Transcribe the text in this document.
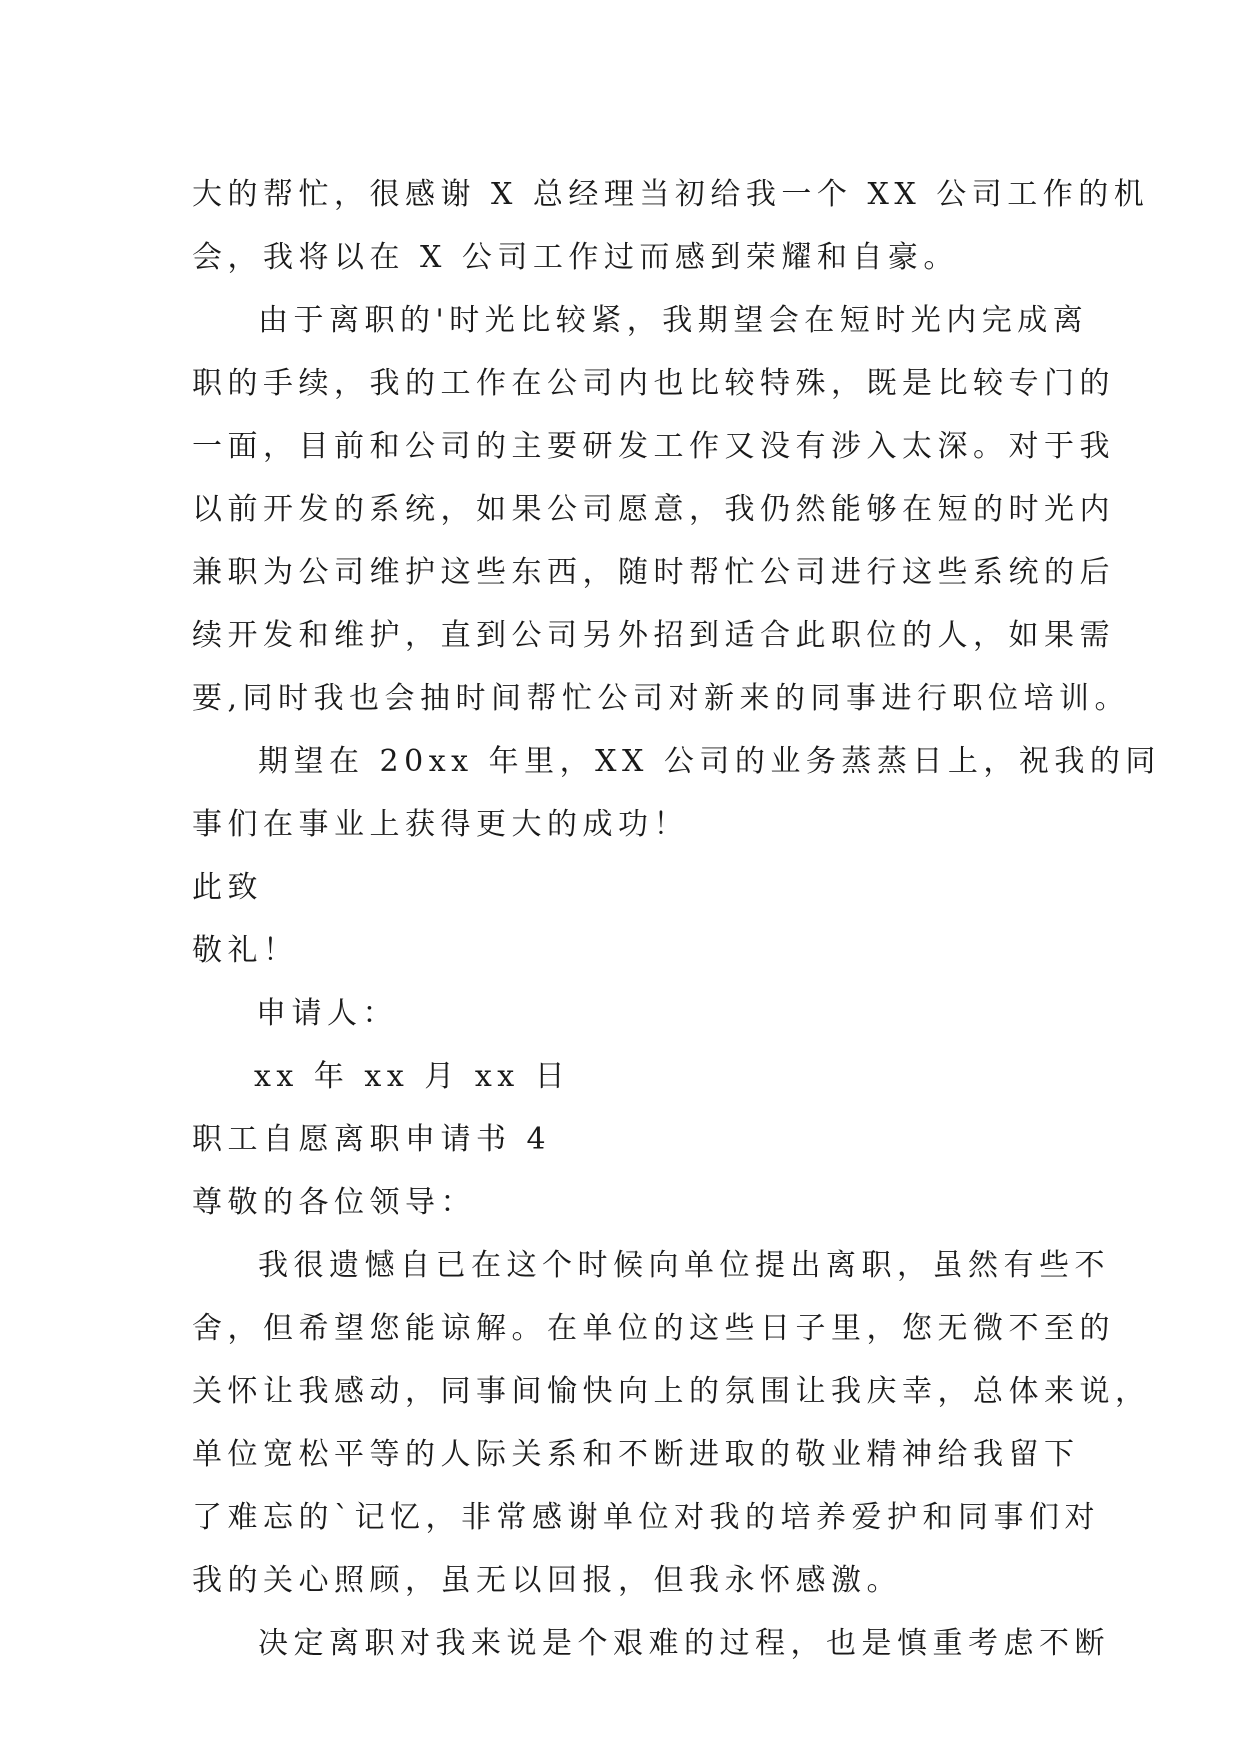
大的帮忙，很感谢 X 总经理当初给我一个 XX 公司工作的机
会，我将以在 X 公司工作过而感到荣耀和自豪。
由于离职的'时光比较紧，我期望会在短时光内完成离
职的手续，我的工作在公司内也比较特殊，既是比较专门的
一面，目前和公司的主要研发工作又没有涉入太深。对于我
以前开发的系统，如果公司愿意，我仍然能够在短的时光内
兼职为公司维护这些东西，随时帮忙公司进行这些系统的后
续开发和维护，直到公司另外招到适合此职位的人，如果需
要,同时我也会抽时间帮忙公司对新来的同事进行职位培训。
期望在 20xx 年里，XX 公司的业务蒸蒸日上，祝我的同
事们在事业上获得更大的成功！
此致
敬礼！
申请人：
xx 年 xx 月 xx 日
职工自愿离职申请书 4
尊敬的各位领导：
我很遗憾自已在这个时候向单位提出离职，虽然有些不
舍，但希望您能谅解。在单位的这些日子里，您无微不至的
关怀让我感动，同事间愉快向上的氛围让我庆幸，总体来说，
单位宽松平等的人际关系和不断进取的敬业精神给我留下
了难忘的`记忆，非常感谢单位对我的培养爱护和同事们对
我的关心照顾，虽无以回报，但我永怀感激。
决定离职对我来说是个艰难的过程，也是慎重考虑不断
